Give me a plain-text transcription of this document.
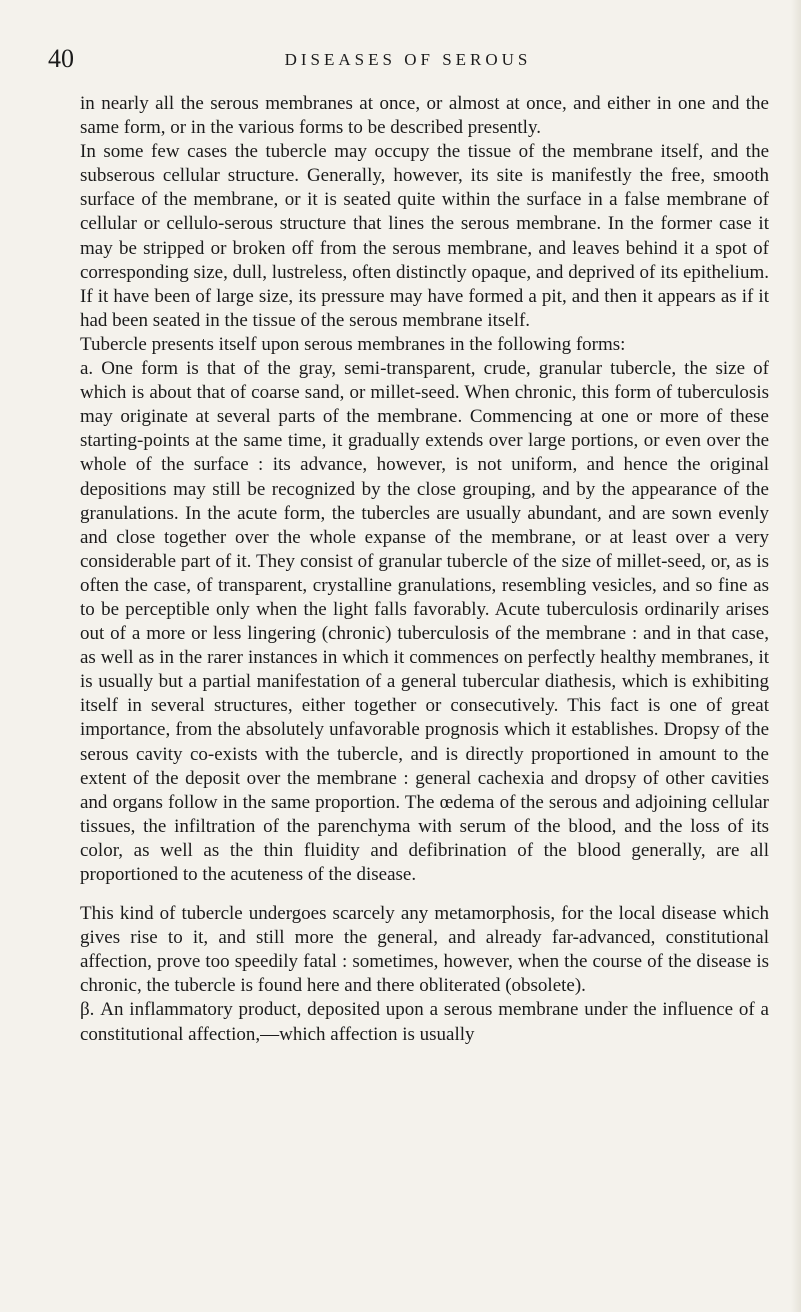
40	DISEASES OF SEROUS

in nearly all the serous membranes at once, or almost at once, and either in one and the same form, or in the various forms to be described presently.

In some few cases the tubercle may occupy the tissue of the membrane itself, and the subserous cellular structure. Generally, however, its site is manifestly the free, smooth surface of the membrane, or it is seated quite within the surface in a false membrane of cellular or cellulo-serous structure that lines the serous membrane. In the former case it may be stripped or broken off from the serous membrane, and leaves behind it a spot of corresponding size, dull, lustreless, often distinctly opaque, and deprived of its epithelium. If it have been of large size, its pressure may have formed a pit, and then it appears as if it had been seated in the tissue of the serous membrane itself.

Tubercle presents itself upon serous membranes in the following forms:

a. One form is that of the gray, semi-transparent, crude, granular tubercle, the size of which is about that of coarse sand, or millet-seed. When chronic, this form of tuberculosis may originate at several parts of the membrane. Commencing at one or more of these starting-points at the same time, it gradually extends over large portions, or even over the whole of the surface : its advance, however, is not uniform, and hence the original depositions may still be recognized by the close grouping, and by the appearance of the granulations. In the acute form, the tubercles are usually abundant, and are sown evenly and close together over the whole expanse of the membrane, or at least over a very considerable part of it. They consist of granular tubercle of the size of millet-seed, or, as is often the case, of transparent, crystalline granulations, resembling vesicles, and so fine as to be perceptible only when the light falls favorably. Acute tuberculosis ordinarily arises out of a more or less lingering (chronic) tuberculosis of the membrane : and in that case, as well as in the rarer instances in which it commences on perfectly healthy membranes, it is usually but a partial manifestation of a general tubercular diathesis, which is exhibiting itself in several structures, either together or consecutively. This fact is one of great importance, from the absolutely unfavorable prognosis which it establishes. Dropsy of the serous cavity co-exists with the tubercle, and is directly proportioned in amount to the extent of the deposit over the membrane : general cachexia and dropsy of other cavities and organs follow in the same proportion. The œdema of the serous and adjoining cellular tissues, the infiltration of the parenchyma with serum of the blood, and the loss of its color, as well as the thin fluidity and defibrination of the blood generally, are all proportioned to the acuteness of the disease.

This kind of tubercle undergoes scarcely any metamorphosis, for the local disease which gives rise to it, and still more the general, and already far-advanced, constitutional affection, prove too speedily fatal : sometimes, however, when the course of the disease is chronic, the tubercle is found here and there obliterated (obsolete).

β. An inflammatory product, deposited upon a serous membrane under the influence of a constitutional affection,—which affection is usually
